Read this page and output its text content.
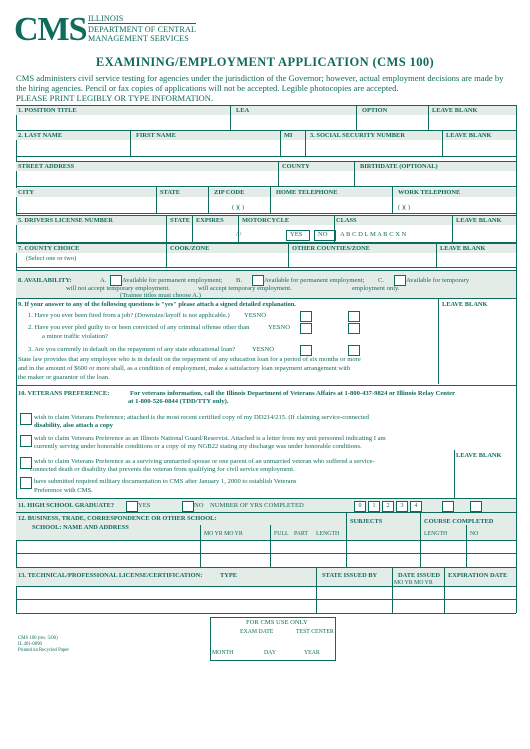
CMS ILLINOIS
DEPARTMENT OF CENTRAL
MANAGEMENT SERVICES
EXAMINING/EMPLOYMENT APPLICATION (CMS 100)
CMS administers civil service testing for agencies under the jurisdiction of the Governor; however, actual employment decisions are made by
the hiring agencies. Pencil or fax copies of applications will not be accepted. Legible photocopies are accepted.
PLEASE PRINT LEGIBLY OR TYPE INFORMATION.
1. POSITION TITLE	LEA	OPTION	LEAVE BLANK
2. LAST NAME	FIRST NAME	MI	3. SOCIAL SECURITY NUMBER	LEAVE BLANK
STREET ADDRESS	COUNTY	BIRTHDATE (OPTIONAL)
CITY	STATE	ZIP CODE	HOME TELEPHONE	WORK TELEPHONE
( )( )	( )( )
5. DRIVERS LICENSE NUMBER	STATE EXPIRES	MOTORCYCLE	CLASS	LEAVE BLANK
/ /	YES NO A B C D L M A B C X N
7. COUNTY CHOICE	COOK/ZONE	OTHER COUNTIES/ZONE	LEAVE BLANK
(Select one or two)
8. AVAILABILITY:	A. Available for permanent employment; B.	Available for permanent employment; C.	Available for temporary
will not accept temporary employment.	will accept temporary employment.	employment only.
(Trainee titles must choose A.)
9. If your answer to any of the following questions is "yes" please attach a signed detailed explanation.	LEAVE BLANK
1. Have you ever been fired from a job? (Downsize/layoff is not applicable.) YESNO
2. Have you ever pled guilty to or been convicted of any criminal offense other than	YESNO
a minor traffic violation?
3. Are you currently in default on the repayment of any state educational loan?	YESNO
State law provides that any employee who is in default on the repayment of any education loan for a period of six months or more
and in the amount of $600 or more shall, as a condition of employment, make a satisfactory loan repayment arrangement with
the maker or guarantor of the loan.
10. VETERANS PREFERENCE:	For veterans information, call the Illinois Department of Veterans Affairs at 1-800-437-9824 or Illinois Relay Center
at 1-800-526-0844 (TDD/TTY only).
wish to claim Veterans Preference; attached is the most recent certified copy of my DD214/215. (If claiming service-connected
disability, also attach a copy
wish to claim Veterans Preference as an Illinois National Guard/Reservist. Attached is a letter from my unit personnel indicating I am
currently serving under honorable conditions or a copy of my NGB22 stating my discharge was under honorable conditions.
LEAVE BLANK
wish to claim Veterans Preference as a surviving unmarried spouse or one parent of an unmarried veteran who suffered a service-
connected death or disability that prevents the veteran from qualifying for civil service employment.
have submitted required military documentation to CMS after January 1, 2000 to establish Veterans
Preference with CMS.
11. HIGH SCHOOL GRADUATE?	YES	NO NUMBER OF YRS COMPLETED	0	1	2	3	4
12. BUSINESS, TRADE, CORRESPONDENCE OR OTHER SCHOOL:
SCHOOL: NAME AND ADDRESS
MO YR MO YR	FULL PART LENGTH
SUBJECTS	COURSE COMPLETED
LENGTH	NO
13. TECHNICAL/PROFESSIONAL LICENSE/CERTIFICATION:	TYPE	STATE ISSUED BY	DATE ISSUED EXPIRATION DATE
MO YR MO YR
FOR CMS USE ONLY
EXAM DATE	TEST CENTER
MONTH	DAY	YEAR
CMS 100 (rev. 5/00)
IL 401-0090
Printed on Recycled Paper
